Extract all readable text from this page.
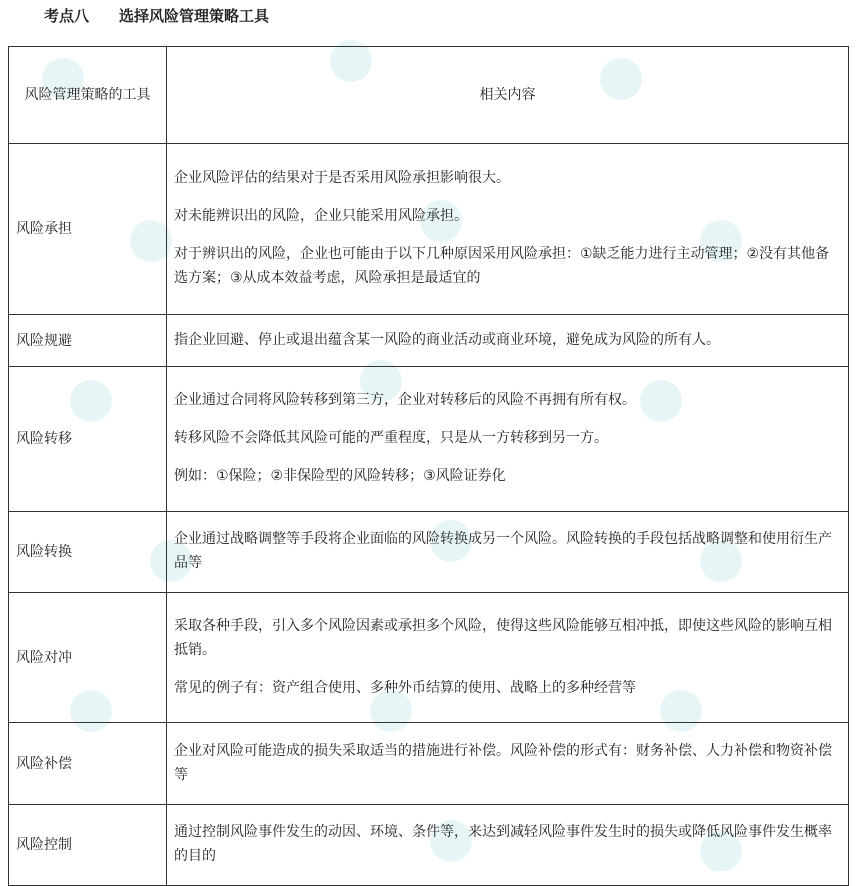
考点八 选择风险管理策略工具
风险管理策略的工具	相关内容
风险承担	企业风险评估的结果对于是否采用风险承担影响很大。

对未能辨识出的风险，企业只能采用风险承担。

对于辨识出的风险，企业也可能由于以下几种原因采用风险承担：①缺乏能力进行主动管理；②没有其他备选方案；③从成本效益考虑，风险承担是最适宜的

风险规避	指企业回避、停止或退出蕴含某一风险的商业活动或商业环境，避免成为风险的所有人。

风险转移	企业通过合同将风险转移到第三方，企业对转移后的风险不再拥有所有权。

转移风险不会降低其风险可能的严重程度，只是从一方转移到另一方。

例如：①保险；②非保险型的风险转移；③风险证券化

风险转换	企业通过战略调整等手段将企业面临的风险转换成另一个风险。风险转换的手段包括战略调整和使用衍生产品等

风险对冲	采取各种手段，引入多个风险因素或承担多个风险，使得这些风险能够互相冲抵，即使这些风险的影响互相抵销。

常见的例子有：资产组合使用、多种外币结算的使用、战略上的多种经营等

风险补偿	企业对风险可能造成的损失采取适当的措施进行补偿。风险补偿的形式有：财务补偿、人力补偿和物资补偿等

风险控制	通过控制风险事件发生的动因、环境、条件等，来达到减轻风险事件发生时的损失或降低风险事件发生概率的目的
